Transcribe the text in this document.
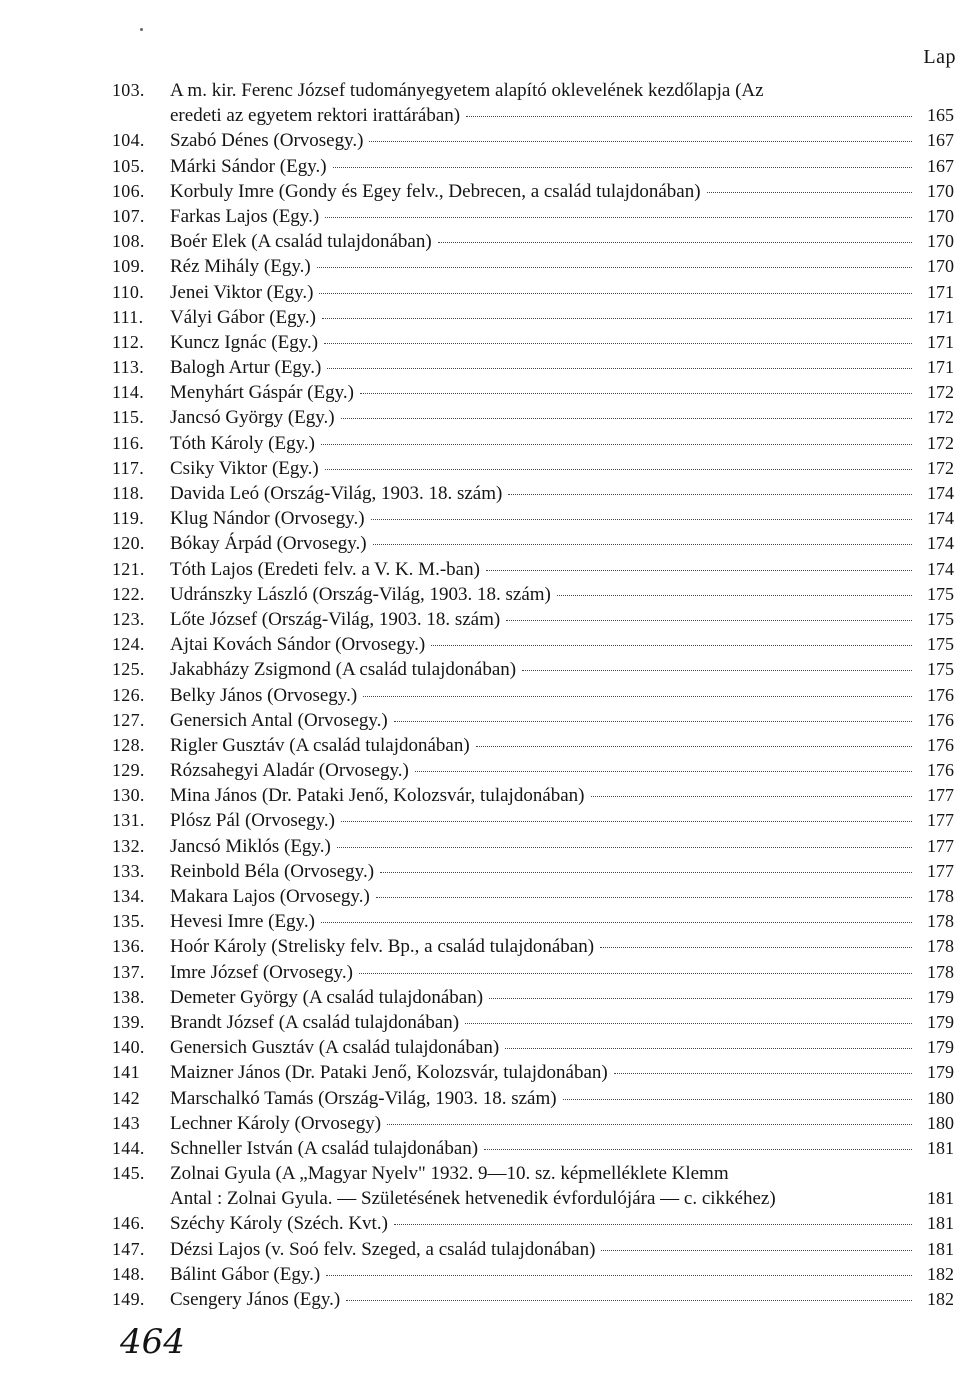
Lap
103.	A m. kir. Ferenc József tudományegyetem alapító oklevelének kezdőlapja (Az
eredeti az egyetem rektori irattárában)	165
104.	Szabó Dénes (Orvosegy.)	167
105.	Márki Sándor (Egy.)	167
106.	Korbuly Imre (Gondy és Egey felv., Debrecen, a család tulajdonában)	170
107.	Farkas Lajos (Egy.)	170
108.	Boér Elek (A család tulajdonában)	170
109.	Réz Mihály (Egy.)	170
110.	Jenei Viktor (Egy.)	171
111.	Vályi Gábor (Egy.)	171
112.	Kuncz Ignác (Egy.)	171
113.	Balogh Artur (Egy.)	171
114.	Menyhárt Gáspár (Egy.)	172
115.	Jancsó György (Egy.)	172
116.	Tóth Károly (Egy.)	172
117.	Csiky Viktor (Egy.)	172
118.	Davida Leó (Ország-Világ, 1903. 18. szám)	174
119.	Klug Nándor (Orvosegy.)	174
120.	Bókay Árpád (Orvosegy.)	174
121.	Tóth Lajos (Eredeti felv. a V. K. M.-ban)	174
122.	Udránszky László (Ország-Világ, 1903. 18. szám)	175
123.	Lőte József (Ország-Világ, 1903. 18. szám)	175
124.	Ajtai Kovách Sándor (Orvosegy.)	175
125.	Jakabházy Zsigmond (A család tulajdonában)	175
126.	Belky János (Orvosegy.)	176
127.	Genersich Antal (Orvosegy.)	176
128.	Rigler Gusztáv (A család tulajdonában)	176
129.	Rózsahegyi Aladár (Orvosegy.)	176
130.	Mina János (Dr. Pataki Jenő, Kolozsvár, tulajdonában)	177
131.	Plósz Pál (Orvosegy.)	177
132.	Jancsó Miklós (Egy.)	177
133.	Reinbold Béla (Orvosegy.)	177
134.	Makara Lajos (Orvosegy.)	178
135.	Hevesi Imre (Egy.)	178
136.	Hoór Károly (Strelisky felv. Bp., a család tulajdonában)	178
137.	Imre József (Orvosegy.)	178
138.	Demeter György (A család tulajdonában)	179
139.	Brandt József (A család tulajdonában)	179
140.	Genersich Gusztáv (A család tulajdonában)	179
141	Maizner János (Dr. Pataki Jenő, Kolozsvár, tulajdonában)	179
142	Marschalkó Tamás (Ország-Világ, 1903. 18. szám)	180
143	Lechner Károly (Orvosegy)	180
144.	Schneller István (A család tulajdonában)	181
145.	Zolnai Gyula (A „Magyar Nyelv" 1932. 9—10. sz. képmelléklete Klemm
Antal : Zolnai Gyula. — Születésének hetvenedik évfordulójára — c. cikkéhez)	181
146.	Széchy Károly (Széch. Kvt.)	181
147.	Dézsi Lajos (v. Soó felv. Szeged, a család tulajdonában)	181
148.	Bálint Gábor (Egy.)	182
149.	Csengery János (Egy.)	182
464
